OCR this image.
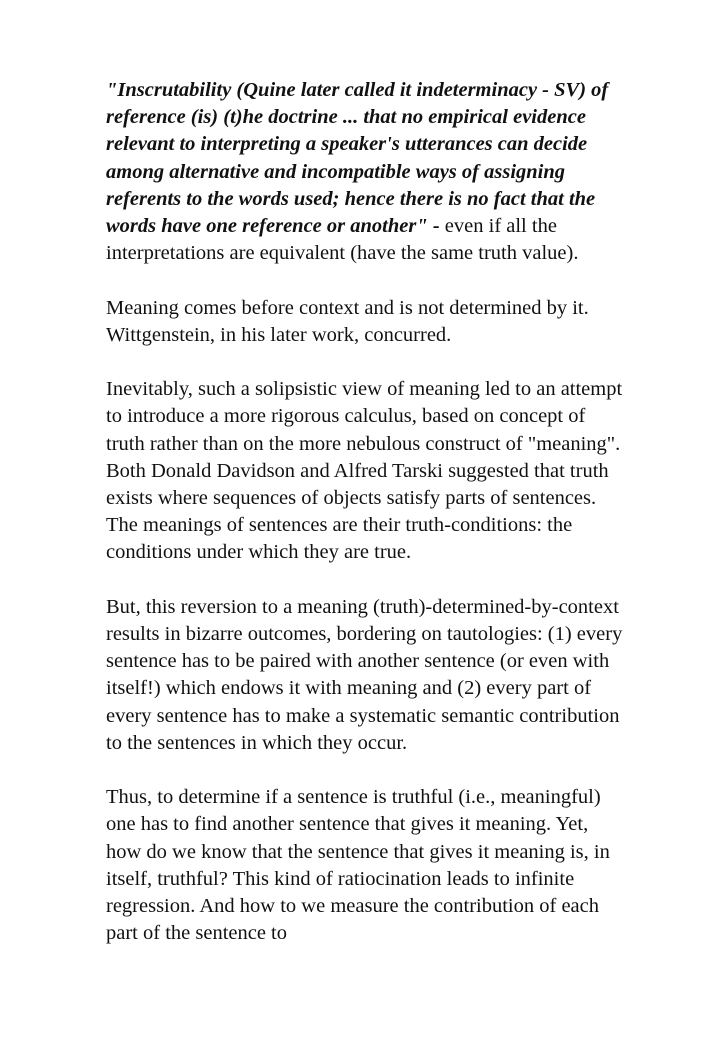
"Inscrutability (Quine later called it indeterminacy - SV) of reference (is) (t)he doctrine ... that no empirical evidence relevant to interpreting a speaker's utterances can decide among alternative and incompatible ways of assigning referents to the words used; hence there is no fact that the words have one reference or another" - even if all the interpretations are equivalent (have the same truth value).

Meaning comes before context and is not determined by it. Wittgenstein, in his later work, concurred.

Inevitably, such a solipsistic view of meaning led to an attempt to introduce a more rigorous calculus, based on concept of truth rather than on the more nebulous construct of "meaning". Both Donald Davidson and Alfred Tarski suggested that truth exists where sequences of objects satisfy parts of sentences. The meanings of sentences are their truth-conditions: the conditions under which they are true.

But, this reversion to a meaning (truth)-determined-by-context results in bizarre outcomes, bordering on tautologies: (1) every sentence has to be paired with another sentence (or even with itself!) which endows it with meaning and (2) every part of every sentence has to make a systematic semantic contribution to the sentences in which they occur.

Thus, to determine if a sentence is truthful (i.e., meaningful) one has to find another sentence that gives it meaning. Yet, how do we know that the sentence that gives it meaning is, in itself, truthful? This kind of ratiocination leads to infinite regression. And how to we measure the contribution of each part of the sentence to
